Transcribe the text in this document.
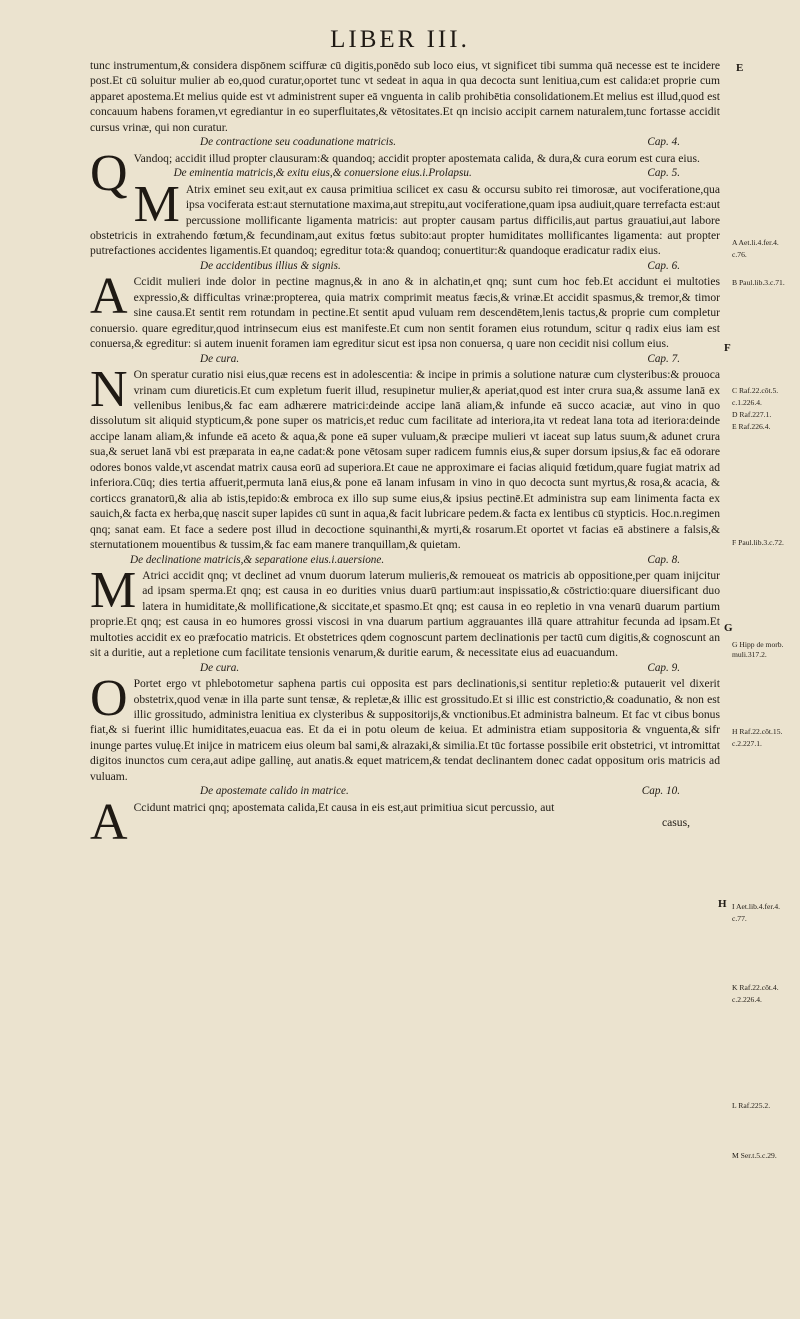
LIBER III.

tunc instrumentum,& considera dispōnem sciffuræ cū digitis,ponēdo sub loco eius, vt significet tibi summa quā necesse est te incidere post.Et cū soluitur mulier ab eo,quod curatur,oportet tunc vt sedeat in aqua in qua decocta sunt lenitiua,cum est calida:et proprie cum apparet apostema.Et melius quide est vt administrent super eā vnguenta in calib prohibētia consolidationem.Et melius est illud,quod est concauum habens foramen,vt egrediantur in eo superfluitates,& vētositates.Et qn incisio accipit carnem naturalem,tunc fortasse accidit cursus vrinæ, qui non curatur.

De contractione seu coadunatione matricis.	Cap. 4.

Q Vandoq; accidit illud propter clausuram:& quandoq; accidit propter apostemata calida, & dura,& cura eorum est cura eius.

De eminentia matricis,& exitu eius,& conuersione eius.i.Prolapsu.	Cap. 5.

M Atrix eminet seu exit,aut ex causa primitiua scilicet ex casu & occursu subito rei timorosæ, aut vociferatione,qua ipsa vociferata est:aut sternutatione maxima,aut strepitu,aut vociferatione,quam ipsa audiuit,quare terrefacta est:aut percussione mollificante ligamenta matricis: aut propter causam partus difficilis,aut partus grauatiui,aut labore obstetricis in extrahendo fœtum,& fecundinam,aut exitus fœtus subito:aut propter humiditates mollificantes ligamenta: aut propter putrefactiones accidentes ligamentis.Et quandoq; egreditur tota:& quandoq; conuertitur:& quandoque eradicatur radix eius.

De accidentibus illius & signis.	Cap. 6.

A Ccidit mulieri inde dolor in pectine magnus,& in ano & in alchatin,et qnq; sunt cum hoc feb.Et accidunt ei multoties expressio,& difficultas vrinæ:propterea, quia matrix comprimit meatus fæcis,& vrinæ.Et accidit spasmus,& tremor,& timor sine causa.Et sentit rem rotundam in pectine.Et sentit apud vuluam rem descendētem,lenis tactus,& proprie cum completur conuersio. quare egreditur,quod intrinsecum eius est manifeste.Et cum non sentit foramen eius rotundum, scitur q radix eius iam est conuersa,& egreditur: si autem inuenit foramen iam egreditur sicut est ipsa non conuersa, q uare non cecidit nisi collum eius.

De cura.	Cap. 7.

N On speratur curatio nisi eius,quæ recens est in adolescentia: & incipe in primis a solutione naturæ cum clysteribus:& prouoca vrinam cum diureticis.Et cum expletum fuerit illud, resupinetur mulier,& aperiat,quod est inter crura sua,& assume lanā ex vellenibus lenibus,& fac eam adhærere matrici:deinde accipe lanā aliam,& infunde eā succo acaciæ, aut vino in quo dissolutum sit aliquid stypticum,& pone super os matricis,et reduc cum facilitate ad interiora,ita vt redeat lana tota ad iteriora:deinde accipe lanam aliam,& infunde eā aceto & aqua,& pone eā super vuluam,& præcipe mulieri vt iaceat sup latus suum,& adunet crura sua,& seruet lanā vbi est præparata in ea,ne cadat:& pone vētosam super radicem fumnis eius,& super dorsum ipsius,& fac eā odorare odores bonos valde,vt ascendat matrix causa eorū ad superiora.Et caue ne approximare ei facias aliquid fœtidum,quare fugiat matrix ad inferiora.Cūq; dies tertia affuerit,permuta lanā eius,& pone eā lanam infusam in vino in quo decocta sunt myrtus,& rosa,& acacia, & corticcs granatorū,& alia ab istis,tepido:& embroca ex illo sup sume eius,& ipsius pectinē.Et administra sup eam linimenta facta ex sauich,& facta ex herba,quę nascit super lapides cū sunt in aqua,& facit lubricare pedem.& facta ex lentibus cū stypticis. Hoc.n.regimen qnq; sanat eam. Et face a sedere post illud in decoctione squinanthi,& myrti,& rosarum.Et oportet vt facias eā abstinere a falsis,& sternutationem mouentibus & tussim,& fac eam manere tranquillam,& quietam.

De declinatione matricis,& separatione eius.i.auersione.	Cap. 8.

M Atrici accidit qnq; vt declinet ad vnum duorum laterum mulieris,& remoueat os matricis ab oppositione,per quam inijcitur ad ipsam sperma.Et qnq; est causa in eo durities vnius duarū partium:aut inspissatio,& cōstrictio:quare diuersificant duo latera in humiditate,& mollificatione,& siccitate,et spasmo.Et qnq; est causa in eo repletio in vna venarū duarum partium proprie.Et qnq; est causa in eo humores grossi viscosi in vna duarum partium aggrauantes illā quare attrahitur fecunda ad ipsam.Et multoties accidit ex eo præfocatio matricis. Et obstetrices qdem cognoscunt partem declinationis per tactū cum digitis,& cognoscunt an sit a duritie, aut a repletione cum facilitate tensionis venarum,& duritie earum, & necessitate eius ad euacuandum.

De cura.	Cap. 9.

O Portet ergo vt phlebotometur saphena partis cui opposita est pars declinationis,si sentitur repletio:& putauerit vel dixerit obstetrix,quod venæ in illa parte sunt tensæ, & repletæ,& illic est grossitudo.Et si illic est constrictio,& coadunatio, & non est illic grossitudo, administra lenitiua ex clysteribus & suppositorijs,& vnctionibus.Et administra balneum. Et fac vt cibus bonus fiat,& si fuerint illic humiditates,euacua eas. Et da ei in potu oleum de keiua. Et administra etiam suppositoria & vnguenta,& sifr inunge partes vuluę.Et inijce in matricem eius oleum bal sami,& alrazaki,& similia.Et tūc fortasse possibile erit obstetrici, vt intromittat digitos inunctos cum cera,aut adipe gallinę, aut anatis.& equet matricem,& tendat declinantem donec cadat oppositum oris matricis ad vuluam.

De apostemate calido in matrice.	Cap. 10.

A Ccidunt matrici qnq; apostemata calida,Et causa in eis est,aut primitiua sicut percussio, aut

casus,

E
F
G
H
A Aet.li.4.fer.4.
c.76.
B Paul.lib.3.c.71.
C Raf.22.cōt.5.
c.1.226.4.
D Raf.227.1.
E Raf.226.4.
F Paul.lib.3.c.72.
G Hipp de morb.
muli.317.2.
H Raf.22.cōt.15.
c.2.227.1.
I Aet.lib.4.fer.4.
c.77.
K Raf.22.cōt.4.
c.2.226.4.
L Raf.225.2.
M Ser.t.5.c.29.
